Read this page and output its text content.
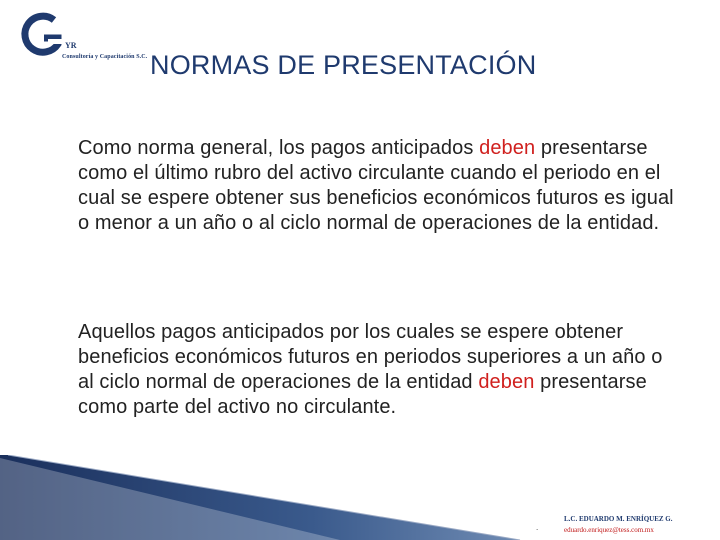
YR
Consultoría y Capacitación S.C. NORMAS DE PRESENTACIÓN

Como norma general, los pagos anticipados deben presentarse como el último rubro del activo circulante cuando el periodo en el cual se espere obtener sus beneficios económicos futuros es igual o menor a un año o al ciclo normal de operaciones de la entidad.

Aquellos pagos anticipados por los cuales se espere obtener beneficios económicos futuros en periodos superiores a un año o al ciclo normal de operaciones de la entidad deben presentarse como parte del activo no circulante.

.
L.C. EDUARDO M. ENRÍQUEZ G.
eduardo.enriquez@tess.com.mx
